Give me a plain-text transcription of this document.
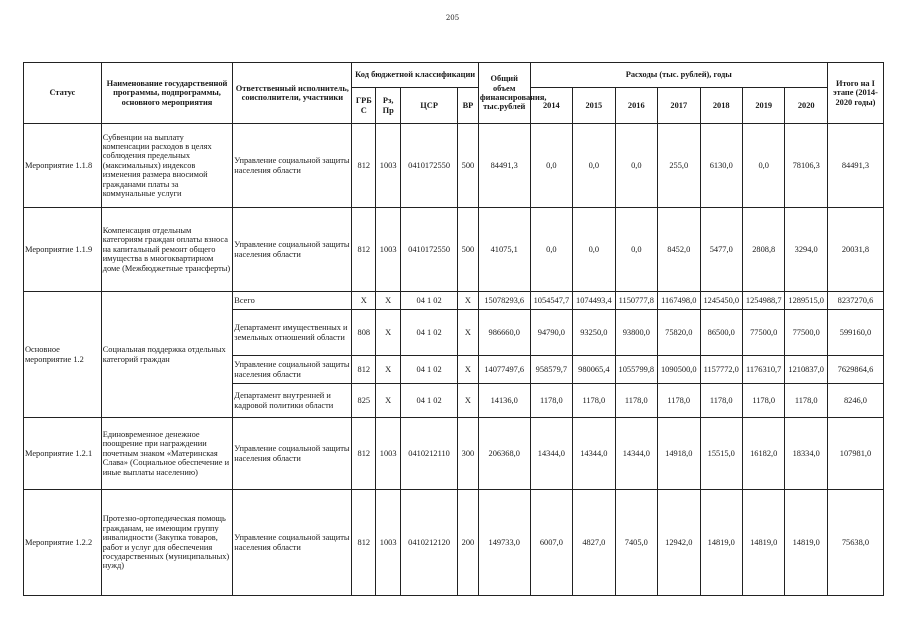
205
Статус	Наименование государственной программы, подпрограммы, основного мероприятия	Ответственный исполнитель, соисполнители, участники	Код бюджетной классификации				Общий объем финансирования, тыс.рублей	Расходы (тыс. рублей), годы							Итого на I этапе (2014-2020 годы)
			ГРБ С	Рз, Пр	ЦСР	ВР		2014	2015	2016	2017	2018	2019	2020	
Мероприятие 1.1.8	Субвенции на выплату компенсации расходов в целях соблюдения предельных (максимальных) индексов изменения размера вносимой гражданами платы за коммунальные услуги	Управление социальной защиты населения области	812	1003	0410172550	500	84491,3	0,0	0,0	0,0	255,0	6130,0	0,0	78106,3	84491,3
Мероприятие 1.1.9	Компенсация отдельным категориям граждан оплаты взноса на капитальный ремонт общего имущества в многоквартирном доме (Межбюджетные трансферты)	Управление социальной защиты населения области	812	1003	0410172550	500	41075,1	0,0	0,0	0,0	8452,0	5477,0	2808,8	3294,0	20031,8
Основное мероприятие 1.2	Социальная поддержка отдельных категорий граждан	Всего	X	X	04 1 02	X	15078293,6	1054547,7	1074493,4	1150777,8	1167498,0	1245450,0	1254988,7	1289515,0	8237270,6
		Департамент имущественных и земельных отношений области	808	X	04 1 02	X	986660,0	94790,0	93250,0	93800,0	75820,0	86500,0	77500,0	77500,0	599160,0
		Управление социальной защиты населения области	812	X	04 1 02	X	14077497,6	958579,7	980065,4	1055799,8	1090500,0	1157772,0	1176310,7	1210837,0	7629864,6
		Департамент внутренней и кадровой политики области	825	X	04 1 02	X	14136,0	1178,0	1178,0	1178,0	1178,0	1178,0	1178,0	1178,0	8246,0
Мероприятие 1.2.1	Единовременное денежное поощрение при награждении почетным знаком «Материнская Слава» (Социальное обеспечение и иные выплаты населению)	Управление социальной защиты населения области	812	1003	0410212110	300	206368,0	14344,0	14344,0	14344,0	14918,0	15515,0	16182,0	18334,0	107981,0
Мероприятие 1.2.2	Протезно-ортопедическая помощь гражданам, не имеющим группу инвалидности (Закупка товаров, работ и услуг для обеспечения государственных (муниципальных) нужд)	Управление социальной защиты населения области	812	1003	0410212120	200	149733,0	6007,0	4827,0	7405,0	12942,0	14819,0	14819,0	14819,0	75638,0
